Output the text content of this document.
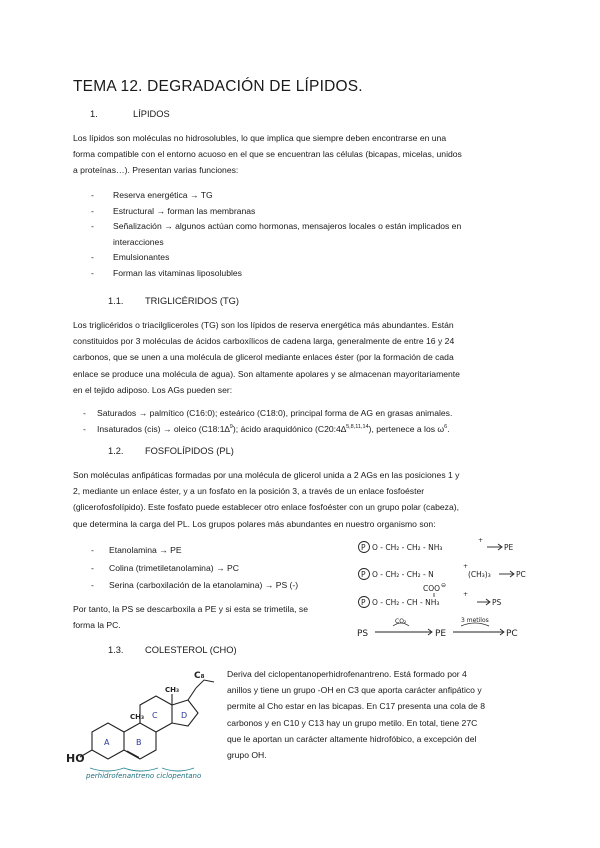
TEMA 12. DEGRADACIÓN DE LÍPIDOS.
1.	LÍPIDOS
Los lípidos son moléculas no hidrosolubles, lo que implica que siempre deben encontrarse en una
forma compatible con el entorno acuoso en el que se encuentran las células (bicapas, micelas, unidos
a proteínas…). Presentan varias funciones:
- Reserva energética → TG
- Estructural → forman las membranas
- Señalización → algunos actúan como hormonas, mensajeros locales o están implicados en
interacciones
- Emulsionantes
- Forman las vitaminas liposolubles
1.1. TRIGLICÉRIDOS (TG)
Los triglicéridos o triacilgliceroles (TG) son los lípidos de reserva energética más abundantes. Están
constituidos por 3 moléculas de ácidos carboxílicos de cadena larga, generalmente de entre 16 y 24
carbonos, que se unen a una molécula de glicerol mediante enlaces éster (por la formación de cada
enlace se produce una molécula de agua). Son altamente apolares y se almacenan mayoritariamente
en el tejido adiposo. Los AGs pueden ser:
- Saturados → palmítico (C16:0); esteárico (C18:0), principal forma de AG en grasas animales.
- Insaturados (cis) → oleico (C18:1∆$^9$); ácido araquidónico (C20:4∆$^{5,8,11,14}$), pertenece a los $\omega^6$.
1.2. FOSFOLÍPIDOS (PL)
Son moléculas anfipáticas formadas por una molécula de glicerol unida a 2 AGs en las posiciones 1 y
2, mediante un enlace éster, y a un fosfato en la posición 3, a través de un enlace fosfoéster
(glicerofosfolípido). Este fosfato puede establecer otro enlace fosfoéster con un grupo polar (cabeza),
que determina la carga del PL. Los grupos polares más abundantes en nuestro organismo son:
- Etanolamina → PE
- Colina (trimetiletanolamina) → PC
- Serina (carboxilación de la etanolamina) → PS (-)
Por tanto, la PS se descarboxila a PE y si esta se trimetila, se
forma la PC.
P O - CH₂ - CH₂ - NH₃
+
PE
P O - CH₂ - CH₂ - N
+
(CH₃)₃	PC
COO ⊖
P O - CH₂ - CH - NH₃
+
PS
PS
CO₂
PE
3 metilos
PC
1.3. COLESTEROL (CHO)
Deriva del ciclopentanoperhidrofenantreno. Está formado por 4
anillos y tiene un grupo -OH en C3 que aporta carácter anfipático y
permite al Cho estar en las bicapas. En C17 presenta una cola de 8
carbonos y en C10 y C13 hay un grupo metilo. En total, tiene 27C
que le aportan un carácter altamente hidrofóbico, a excepción del
grupo OH.
HO
A	B
C	D
CH₃
CH₃
C₈
perhidrofenantreno ciclopentano
